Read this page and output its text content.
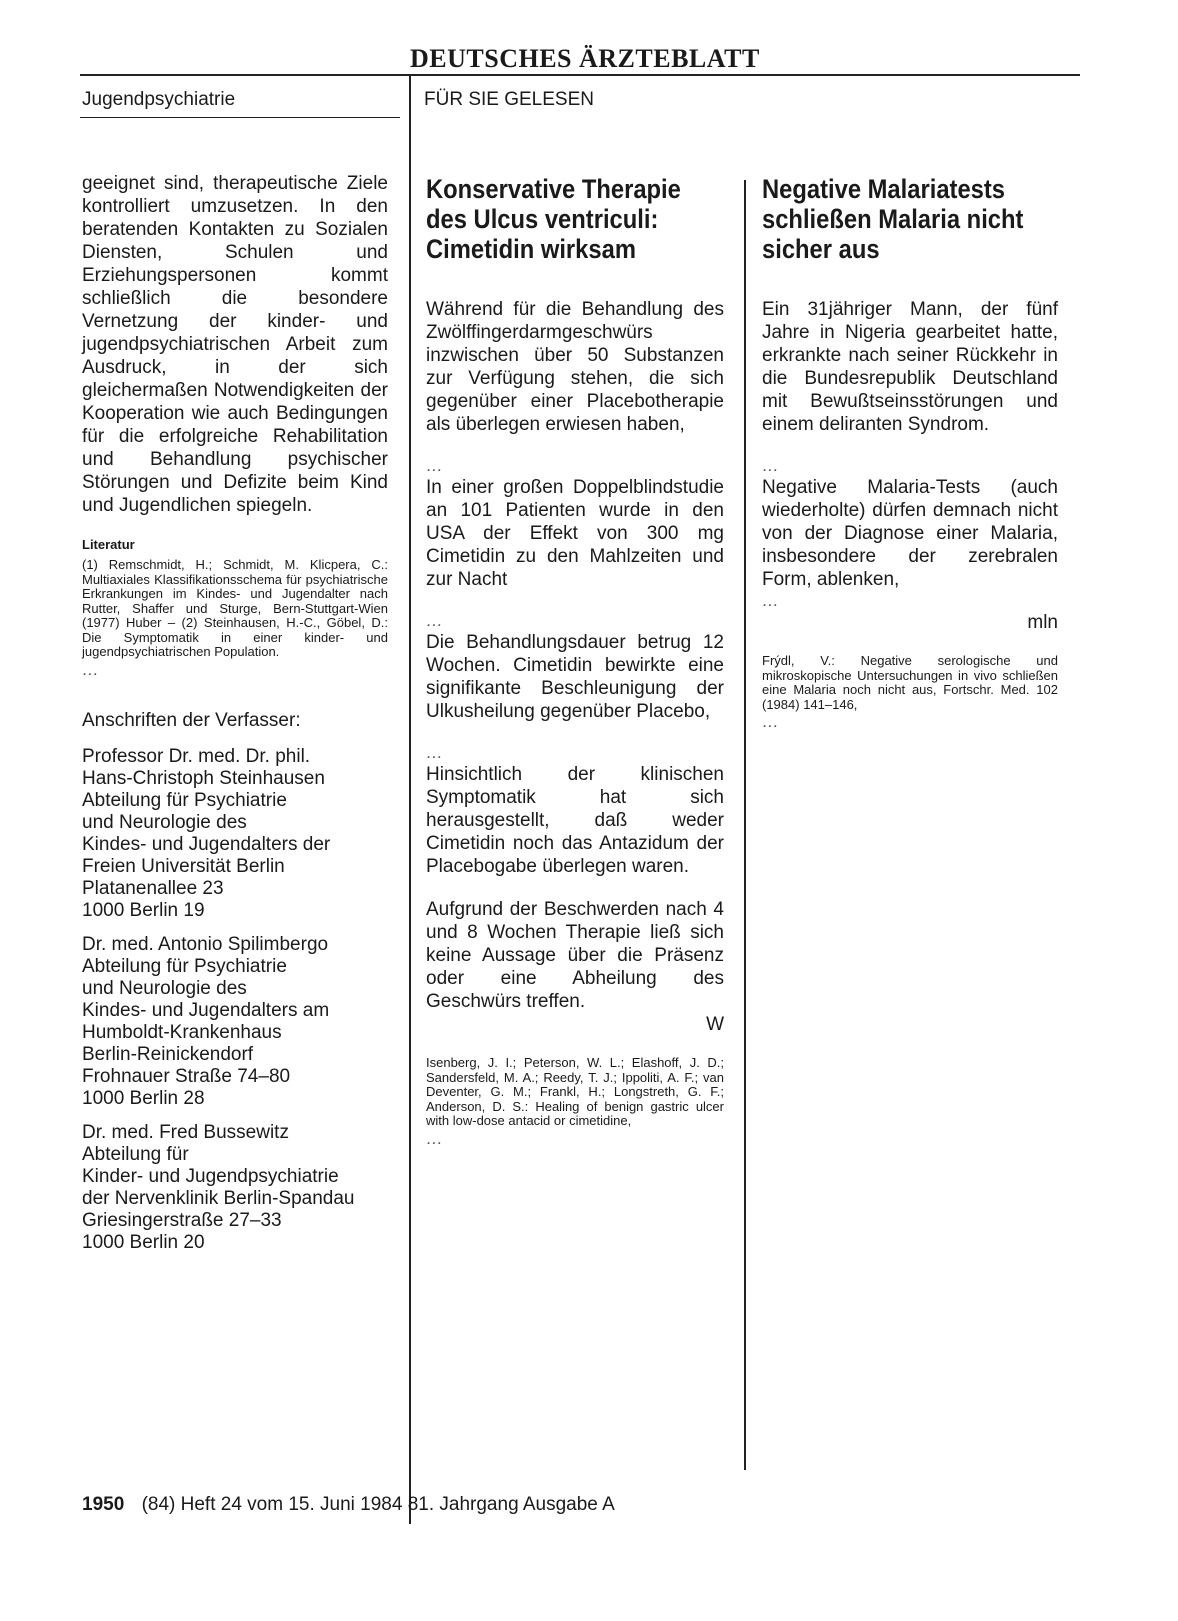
DEUTSCHES ÄRZTEBLATT
Jugendpsychiatrie	FÜR SIE GELESEN

geeignet sind, therapeutische Ziele kontrolliert umzusetzen. In den beratenden Kontakten zu Sozialen Diensten, Schulen und Erziehungspersonen kommt schließlich die besondere Vernetzung der kinder- und jugendpsychiatrischen Arbeit zum Ausdruck, in der sich gleichermaßen Notwendigkeiten der Kooperation wie auch Bedingungen für die erfolgreiche Rehabilitation und Behandlung psychischer Störungen und Defizite beim Kind und Jugendlichen spiegeln.

Literatur

(1) Remschmidt, H.; Schmidt, M. Klicpera, C.: Multiaxiales Klassifikationsschema für psychiatrische Erkrankungen im Kindes- und Jugendalter nach Rutter, Shaffer und Sturge, Bern-Stuttgart-Wien (1977) Huber – (2) Steinhausen, H.-C., Göbel, D.: Die Symptomatik in einer kinder- und jugendpsychiatrischen Population.

…
Anschriften der Verfasser:
Professor Dr. med. Dr. phil.
Hans-Christoph Steinhausen
Abteilung für Psychiatrie
und Neurologie des
Kindes- und Jugendalters der
Freien Universität Berlin
Platanenallee 23
1000 Berlin 19
Dr. med. Antonio Spilimbergo
Abteilung für Psychiatrie
und Neurologie des
Kindes- und Jugendalters am
Humboldt-Krankenhaus
Berlin-Reinickendorf
Frohnauer Straße 74–80
1000 Berlin 28
Dr. med. Fred Bussewitz
Abteilung für
Kinder- und Jugendpsychiatrie
der Nervenklinik Berlin-Spandau
Griesingerstraße 27–33
1000 Berlin 20
Konservative Therapie des Ulcus ventriculi: Cimetidin wirksam

Während für die Behandlung des Zwölffingerdarmgeschwürs inzwischen über 50 Substanzen zur Verfügung stehen, die sich gegenüber einer Placebotherapie als überlegen erwiesen haben,

…

In einer großen Doppelblindstudie an 101 Patienten wurde in den USA der Effekt von 300 mg Cimetidin zu den Mahlzeiten und zur Nacht

…

Die Behandlungsdauer betrug 12 Wochen. Cimetidin bewirkte eine signifikante Beschleunigung der Ulkusheilung gegenüber Placebo,

…

Hinsichtlich der klinischen Symptomatik hat sich herausgestellt, daß weder Cimetidin noch das Antazidum der Placebogabe überlegen waren.

Aufgrund der Beschwerden nach 4 und 8 Wochen Therapie ließ sich keine Aussage über die Präsenz oder eine Abheilung des Geschwürs treffen.

W

Isenberg, J. I.; Peterson, W. L.; Elashoff, J. D.; Sandersfeld, M. A.; Reedy, T. J.; Ippoliti, A. F.; van Deventer, G. M.; Frankl, H.; Longstreth, G. F.; Anderson, D. S.: Healing of benign gastric ulcer with low-dose antacid or cimetidine,

…
Negative Malariatests schließen Malaria nicht sicher aus

Ein 31jähriger Mann, der fünf Jahre in Nigeria gearbeitet hatte, erkrankte nach seiner Rückkehr in die Bundesrepublik Deutschland mit Bewußtseinsstörungen und einem deliranten Syndrom.

…

Negative Malaria-Tests (auch wiederholte) dürfen demnach nicht von der Diagnose einer Malaria, insbesondere der zerebralen Form, ablenken,

…
mln

Frýdl, V.: Negative serologische und mikroskopische Untersuchungen in vivo schließen eine Malaria noch nicht aus, Fortschr. Med. 102 (1984) 141–146,

…
1950 (84) Heft 24 vom 15. Juni 1984 81. Jahrgang Ausgabe A
